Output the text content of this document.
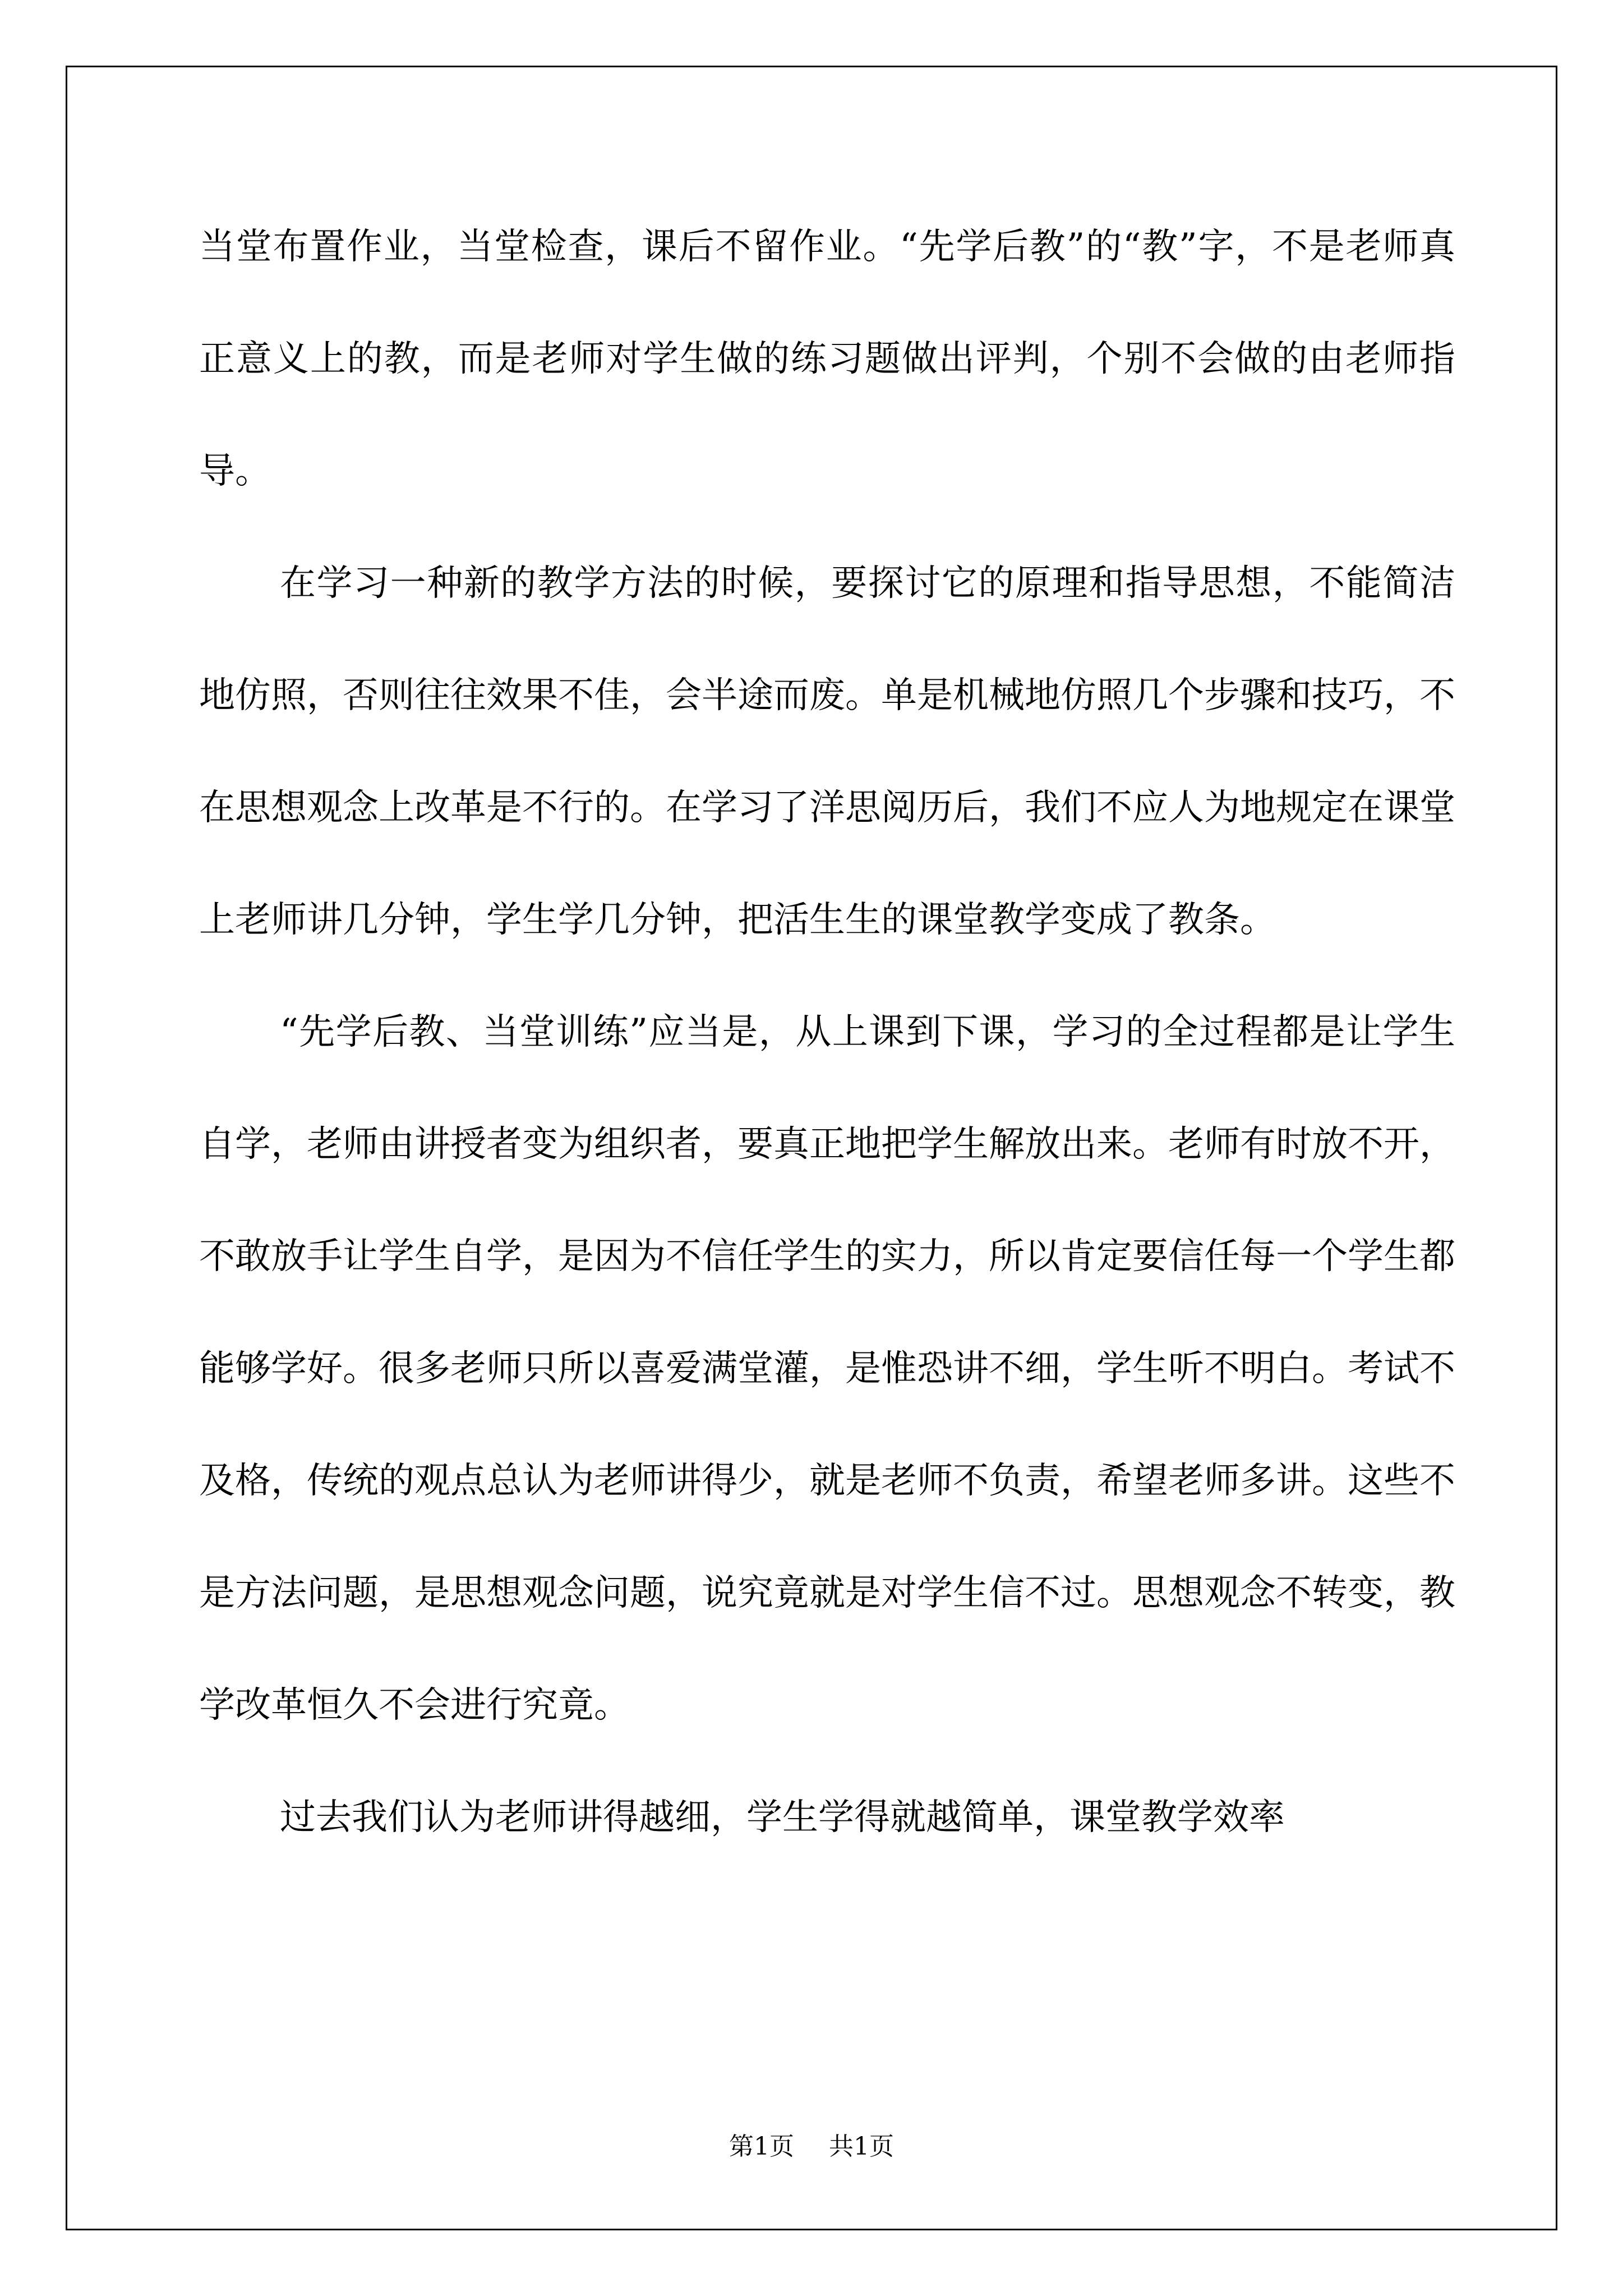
当堂布置作业，当堂检查，课后不留作业。“先学后教”的“教”字，不是老师真正意义上的教，而是老师对学生做的练习题做出评判，个别不会做的由老师指导。

在学习一种新的教学方法的时候，要探讨它的原理和指导思想，不能简洁地仿照，否则往往效果不佳，会半途而废。单是机械地仿照几个步骤和技巧，不在思想观念上改革是不行的。在学习了洋思阅历后，我们不应人为地规定在课堂上老师讲几分钟，学生学几分钟，把活生生的课堂教学变成了教条。

“先学后教、当堂训练”应当是，从上课到下课，学习的全过程都是让学生自学，老师由讲授者变为组织者，要真正地把学生解放出来。老师有时放不开，不敢放手让学生自学，是因为不信任学生的实力，所以肯定要信任每一个学生都能够学好。很多老师只所以喜爱满堂灌，是惟恐讲不细，学生听不明白。考试不及格，传统的观点总认为老师讲得少，就是老师不负责，希望老师多讲。这些不是方法问题，是思想观念问题，说究竟就是对学生信不过。思想观念不转变，教学改革恒久不会进行究竟。

过去我们认为老师讲得越细，学生学得就越简单，课堂教学效率

第1页 共1页
